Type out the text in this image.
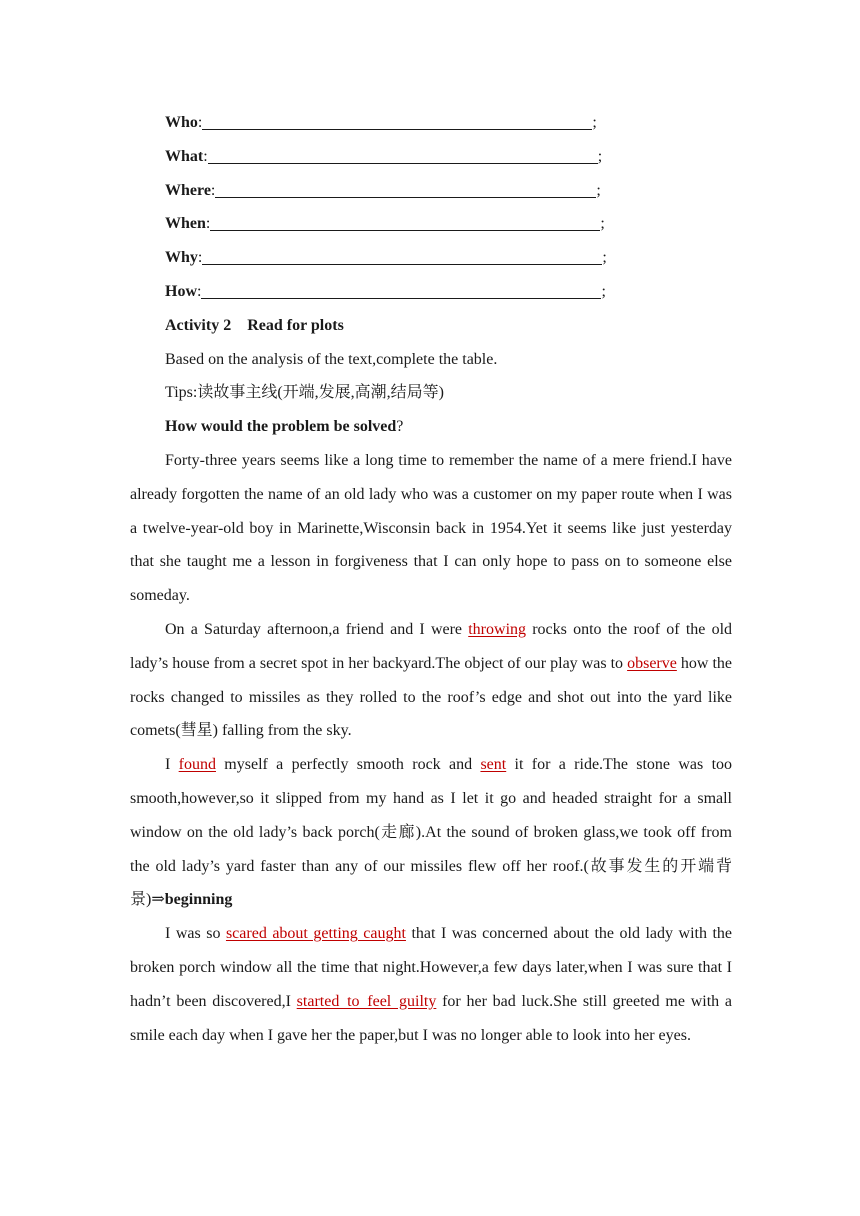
Who:	;

What:	;

Where:	;

When:	;

Why:	;

How:	;

Activity 2 Read for plots

Based on the analysis of the text,complete the table.

Tips:读故事主线(开端,发展,高潮,结局等)

How would the problem be solved?

Forty-three years seems like a long time to remember the name of a mere friend.I have already forgotten the name of an old lady who was a customer on my paper route when I was a twelve-year-old boy in Marinette,Wisconsin back in 1954.Yet it seems like just yesterday that she taught me a lesson in forgiveness that I can only hope to pass on to someone else someday.

On a Saturday afternoon,a friend and I were throwing rocks onto the roof of the old lady’s house from a secret spot in her backyard.The object of our play was to observe how the rocks changed to missiles as they rolled to the roof’s edge and shot out into the yard like comets(彗星) falling from the sky.

I found myself a perfectly smooth rock and sent it for a ride.The stone was too smooth,however,so it slipped from my hand as I let it go and headed straight for a small window on the old lady’s back porch(走廊).At the sound of broken glass,we took off from the old lady’s yard faster than any of our missiles flew off her roof.(故事发生的开端背景)⇒beginning

I was so scared about getting caught that I was concerned about the old lady with the broken porch window all the time that night.However,a few days later,when I was sure that I hadn’t been discovered,I started to feel guilty for her bad luck.She still greeted me with a smile each day when I gave her the paper,but I was no longer able to look into her eyes.
